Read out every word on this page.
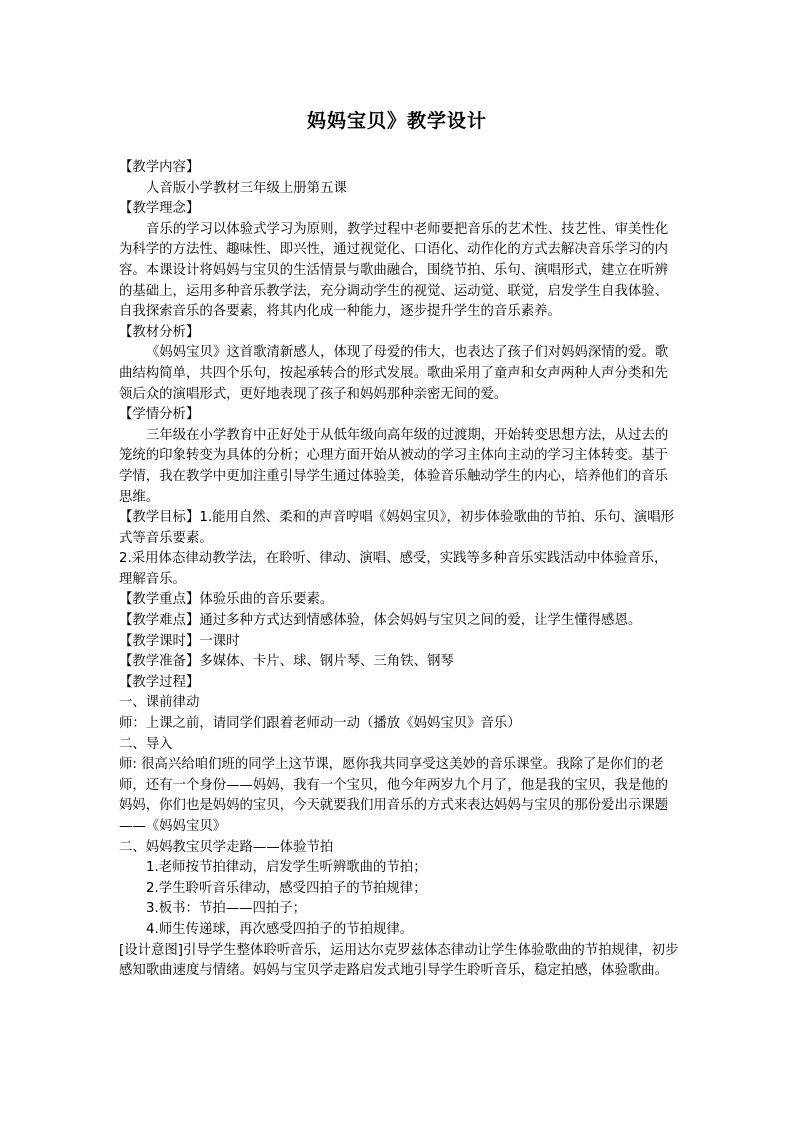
妈妈宝贝》教学设计

【教学内容】

人音版小学教材三年级上册第五课

【教学理念】

音乐的学习以体验式学习为原则，教学过程中老师要把音乐的艺术性、技艺性、审美性化为科学的方法性、趣味性、即兴性，通过视觉化、口语化、动作化的方式去解决音乐学习的内容。本课设计将妈妈与宝贝的生活情景与歌曲融合，围绕节拍、乐句、演唱形式，建立在听辨的基础上，运用多种音乐教学法，充分调动学生的视觉、运动觉、联觉，启发学生自我体验、自我探索音乐的各要素，将其内化成一种能力，逐步提升学生的音乐素养。

【教材分析】

《妈妈宝贝》这首歌清新感人，体现了母爱的伟大，也表达了孩子们对妈妈深情的爱。歌曲结构简单，共四个乐句，按起承转合的形式发展。歌曲采用了童声和女声两种人声分类和先领后众的演唱形式，更好地表现了孩子和妈妈那种亲密无间的爱。

【学情分析】

三年级在小学教育中正好处于从低年级向高年级的过渡期，开始转变思想方法，从过去的笼统的印象转变为具体的分析；心理方面开始从被动的学习主体向主动的学习主体转变。基于学情，我在教学中更加注重引导学生通过体验美，体验音乐触动学生的内心，培养他们的音乐思维。

【教学目标】1.能用自然、柔和的声音哼唱《妈妈宝贝》，初步体验歌曲的节拍、乐句、演唱形式等音乐要素。

2.采用体态律动教学法，在聆听、律动、演唱、感受，实践等多种音乐实践活动中体验音乐，理解音乐。

【教学重点】体验乐曲的音乐要素。

【教学难点】通过多种方式达到情感体验，体会妈妈与宝贝之间的爱，让学生懂得感恩。

【教学课时】一课时

【教学准备】多媒体、卡片、球、钢片琴、三角铁、钢琴

【教学过程】

一、课前律动

师：上课之前，请同学们跟着老师动一动（播放《妈妈宝贝》音乐）

二、导入

师: 很高兴给咱们班的同学上这节课，愿你我共同享受这美妙的音乐课堂。我除了是你们的老师，还有一个身份——妈妈，我有一个宝贝，他今年两岁九个月了，他是我的宝贝，我是他的妈妈，你们也是妈妈的宝贝，今天就要我们用音乐的方式来表达妈妈与宝贝的那份爱出示课题——《妈妈宝贝》

二、妈妈教宝贝学走路——体验节拍

1.老师按节拍律动，启发学生听辨歌曲的节拍；

2.学生聆听音乐律动，感受四拍子的节拍规律；

3.板书：节拍——四拍子；

4.师生传递球，再次感受四拍子的节拍规律。

[设计意图]引导学生整体聆听音乐，运用达尔克罗兹体态律动让学生体验歌曲的节拍规律，初步感知歌曲速度与情绪。妈妈与宝贝学走路启发式地引导学生聆听音乐，稳定拍感，体验歌曲。
